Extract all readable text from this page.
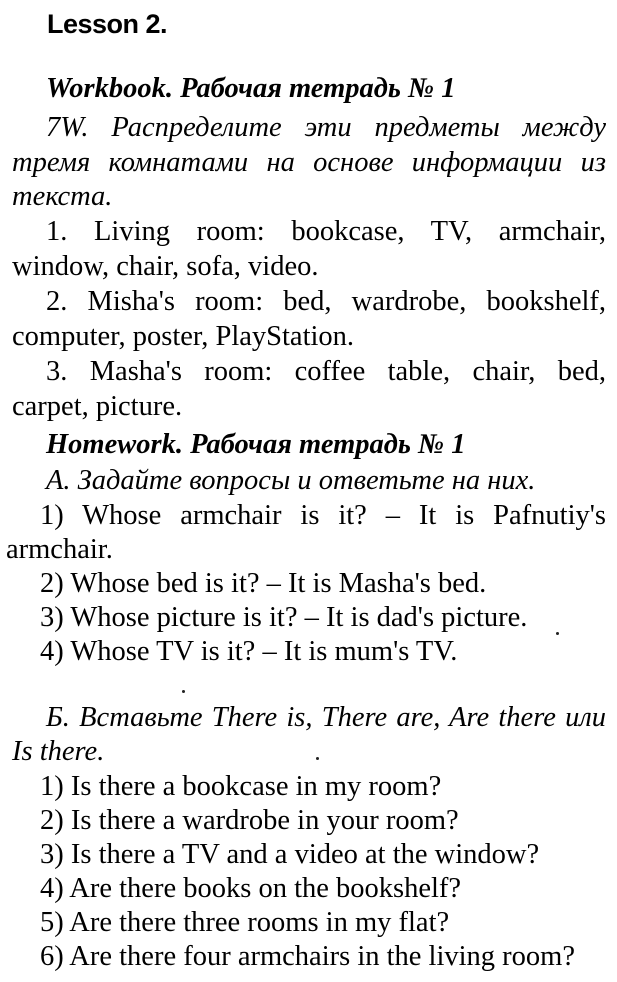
Lesson 2.
Workbook. Рабочая тетрадь № 1
7W. Распределите эти предметы между
тремя комнатами на основе информации из
текста.
1. Living room: bookcase, TV, armchair,
window, chair, sofa, video.
2. Misha's room: bed, wardrobe, bookshelf,
computer, poster, PlayStation.
3. Masha's room: coffee table, chair, bed,
carpet, picture.
Homework. Рабочая тетрадь № 1
А. Задайте вопросы и ответьте на них.
1) Whose armchair is it? – It is Pafnutiy's
armchair.
2) Whose bed is it? – It is Masha's bed.
3) Whose picture is it? – It is dad's picture.
4) Whose TV is it? – It is mum's TV.
Б. Вставьте There is, There are, Are there или
Is there.
1) Is there a bookcase in my room?
2) Is there a wardrobe in your room?
3) Is there a TV and a video at the window?
4) Are there books on the bookshelf?
5) Are there three rooms in my flat?
6) Are there four armchairs in the living room?
